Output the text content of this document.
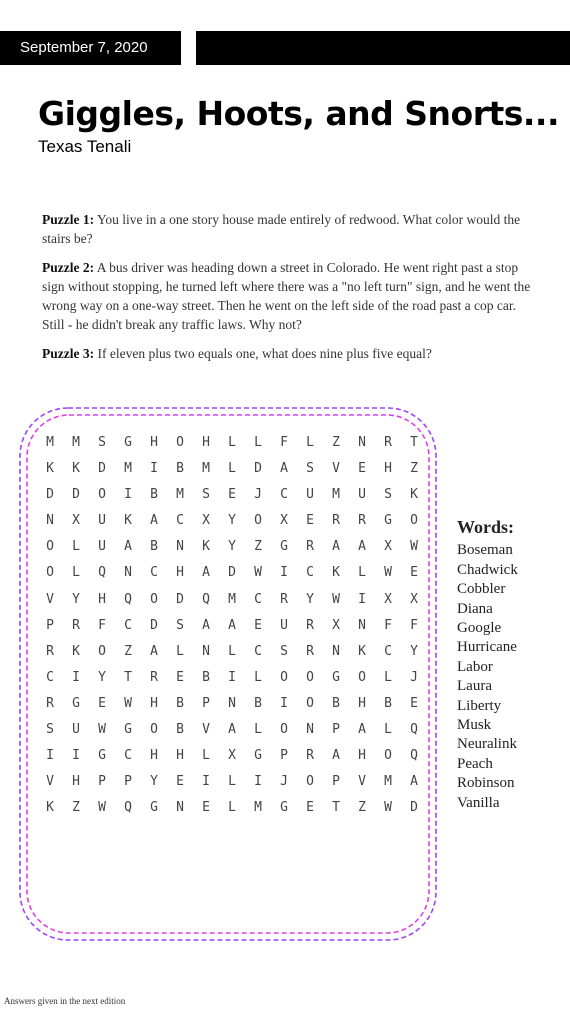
September 7, 2020
Giggles, Hoots, and Snorts...
Texas Tenali

Puzzle 1: You live in a one story house made entirely of redwood. What color would the stairs be?

Puzzle 2: A bus driver was heading down a street in Colorado. He went right past a stop sign without stopping, he turned left where there was a "no left turn" sign, and he went the wrong way on a one-way street. Then he went on the left side of the road past a cop car. Still - he didn't break any traffic laws. Why not?

Puzzle 3: If eleven plus two equals one, what does nine plus five equal?

M	M	S	G	H	O	H	L	L	F	L	Z	N	R	T
K	K	D	M	I	B	M	L	D	A	S	V	E	H	Z
D	D	O	I	B	M	S	E	J	C	U	M	U	S	K
N	X	U	K	A	C	X	Y	O	X	E	R	R	G	O
O	L	U	A	B	N	K	Y	Z	G	R	A	A	X	W
O	L	Q	N	C	H	A	D	W	I	C	K	L	W	E
V	Y	H	Q	O	D	Q	M	C	R	Y	W	I	X	X
P	R	F	C	D	S	A	A	E	U	R	X	N	F	F
R	K	O	Z	A	L	N	L	C	S	R	N	K	C	Y
C	I	Y	T	R	E	B	I	L	O	O	G	O	L	J
R	G	E	W	H	B	P	N	B	I	O	B	H	B	E
S	U	W	G	O	B	V	A	L	O	N	P	A	L	Q
I	I	G	C	H	H	L	X	G	P	R	A	H	O	Q
V	H	P	P	Y	E	I	L	I	J	O	P	V	M	A
K	Z	W	Q	G	N	E	L	M	G	E	T	Z	W	D
Words:
Boseman
Chadwick
Cobbler
Diana
Google
Hurricane
Labor
Laura
Liberty
Musk
Neuralink
Peach
Robinson
Vanilla
Answers given in the next edition
